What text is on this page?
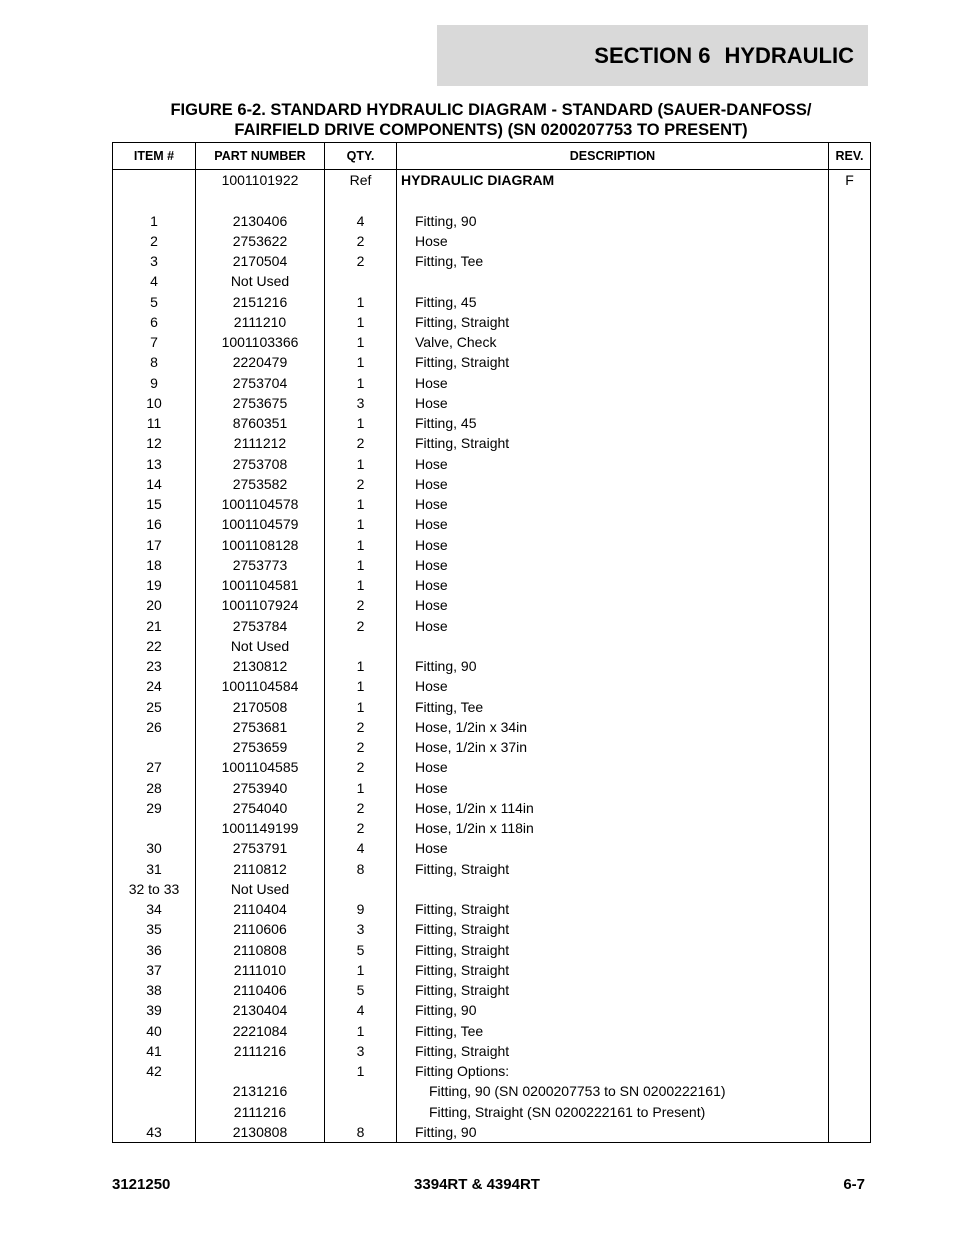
SECTION 6 HYDRAULIC
FIGURE 6-2. STANDARD HYDRAULIC DIAGRAM - STANDARD (SAUER-DANFOSS/
FAIRFIELD DRIVE COMPONENTS) (SN 0200207753 TO PRESENT)
ITEM #	PART NUMBER	QTY.	DESCRIPTION	REV.
	1001101922	Ref	HYDRAULIC DIAGRAM	F

1	2130406	4	Fitting, 90	
2	2753622	2	Hose	
3	2170504	2	Fitting, Tee	
4	Not Used			
5	2151216	1	Fitting, 45	
6	2111210	1	Fitting, Straight	
7	1001103366	1	Valve, Check	
8	2220479	1	Fitting, Straight	
9	2753704	1	Hose	
10	2753675	3	Hose	
11	8760351	1	Fitting, 45	
12	2111212	2	Fitting, Straight	
13	2753708	1	Hose	
14	2753582	2	Hose	
15	1001104578	1	Hose	
16	1001104579	1	Hose	
17	1001108128	1	Hose	
18	2753773	1	Hose	
19	1001104581	1	Hose	
20	1001107924	2	Hose	
21	2753784	2	Hose	
22	Not Used			
23	2130812	1	Fitting, 90	
24	1001104584	1	Hose	
25	2170508	1	Fitting, Tee	
26	2753681	2	Hose, 1/2in x 34in	
	2753659	2	Hose, 1/2in x 37in	
27	1001104585	2	Hose	
28	2753940	1	Hose	
29	2754040	2	Hose, 1/2in x 114in	
	1001149199	2	Hose, 1/2in x 118in	
30	2753791	4	Hose	
31	2110812	8	Fitting, Straight	
32 to 33	Not Used			
34	2110404	9	Fitting, Straight	
35	2110606	3	Fitting, Straight	
36	2110808	5	Fitting, Straight	
37	2111010	1	Fitting, Straight	
38	2110406	5	Fitting, Straight	
39	2130404	4	Fitting, 90	
40	2221084	1	Fitting, Tee	
41	2111216	3	Fitting, Straight	
42		1	Fitting Options:	
	2131216		Fitting, 90 (SN 0200207753 to SN 0200222161)	
	2111216		Fitting, Straight (SN 0200222161 to Present)	
43	2130808	8	Fitting, 90	
3121250	3394RT & 4394RT	6-7
